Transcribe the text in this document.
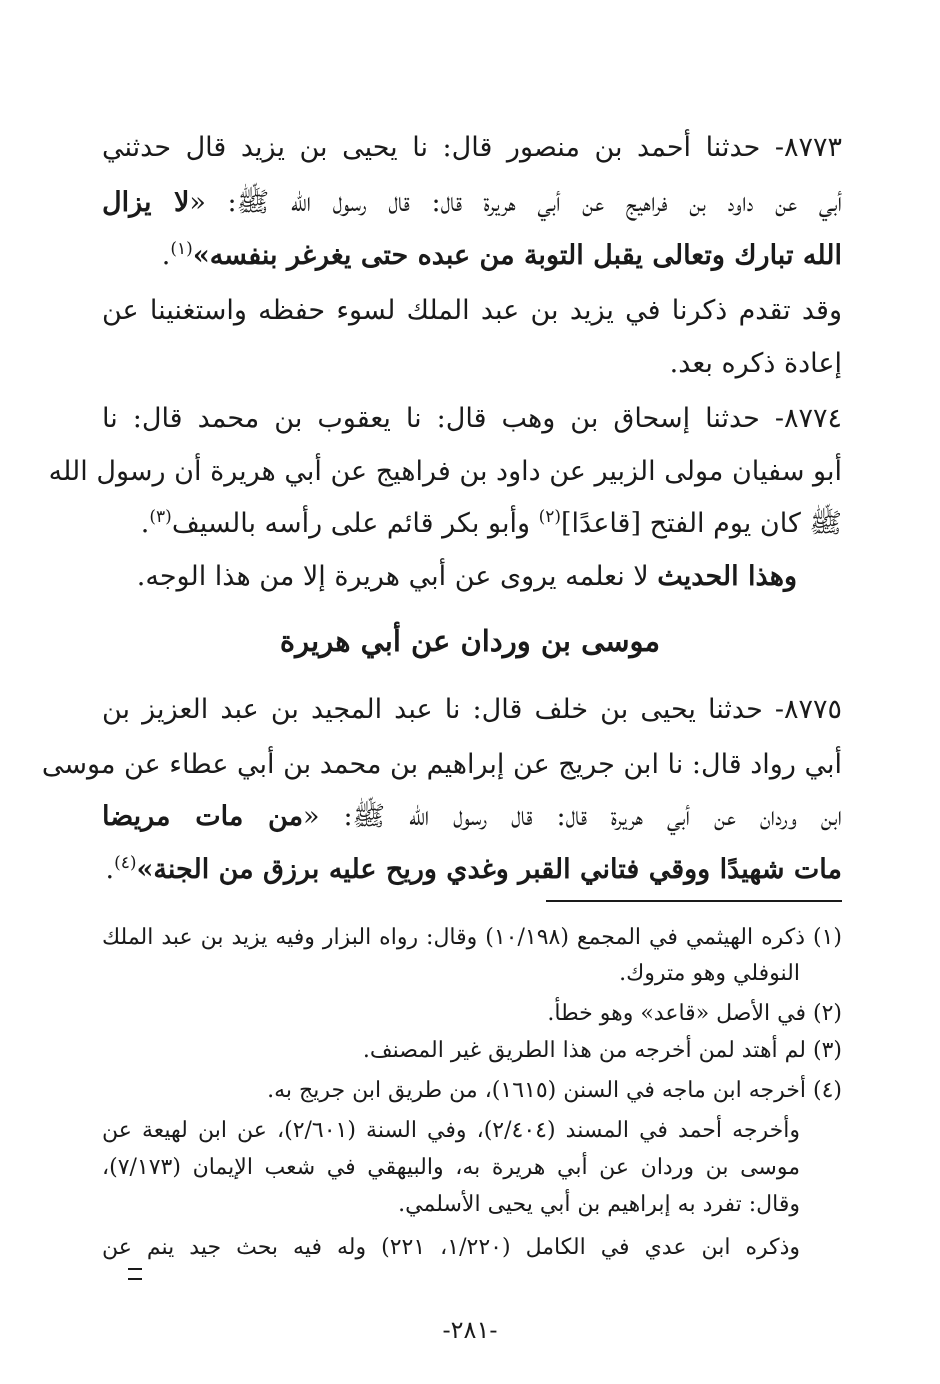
٨٧٧٣- حدثنا أحمد بن منصور قال: نا يحيى بن يزيد قال حدثني
أبي عن داود بن فراهيج عن أبي هريرة قال: قال رسول الله ﷺ: «لا يزال
الله تبارك وتعالى يقبل التوبة من عبده حتى يغرغر بنفسه»$^{(١)}$.
وقد تقدم ذكرنا في يزيد بن عبد الملك لسوء حفظه واستغنينا عن
إعادة ذكره بعد.
٨٧٧٤- حدثنا إسحاق بن وهب قال: نا يعقوب بن محمد قال: نا
أبو سفيان مولى الزبير عن داود بن فراهيج عن أبي هريرة أن رسول الله
ﷺ كان يوم الفتح [قاعدًا]$^{(٢)}$ وأبو بكر قائم على رأسه بالسيف$^{(٣)}$.
وهذا الحديث لا نعلمه يروى عن أبي هريرة إلا من هذا الوجه.
موسى بن وردان عن أبي هريرة
٨٧٧٥- حدثنا يحيى بن خلف قال: نا عبد المجيد بن عبد العزيز بن
أبي رواد قال: نا ابن جريج عن إبراهيم بن محمد بن أبي عطاء عن موسى
ابن وردان عن أبي هريرة قال: قال رسول الله ﷺ: «من مات مريضا
مات شهيدًا ووقي فتاني القبر وغدي وريح عليه برزق من الجنة»$^{(٤)}$.
(١) ذكره الهيثمي في المجمع (١٠/١٩٨) وقال: رواه البزار وفيه يزيد بن عبد الملك
النوفلي وهو متروك.
(٢) في الأصل «قاعد» وهو خطأ.
(٣) لم أهتد لمن أخرجه من هذا الطريق غير المصنف.
(٤) أخرجه ابن ماجه في السنن (١٦١٥)، من طريق ابن جريج به.
وأخرجه أحمد في المسند (٢/٤٠٤)، وفي السنة (٢/٦٠١)، عن ابن لهيعة عن
موسى بن وردان عن أبي هريرة به، والبيهقي في شعب الإيمان (٧/١٧٣)،
وقال: تفرد به إبراهيم بن أبي يحيى الأسلمي.
وذكره ابن عدي في الكامل (١/٢٢٠، ٢٢١) وله فيه بحث جيد ينم عن
-٢٨١-
